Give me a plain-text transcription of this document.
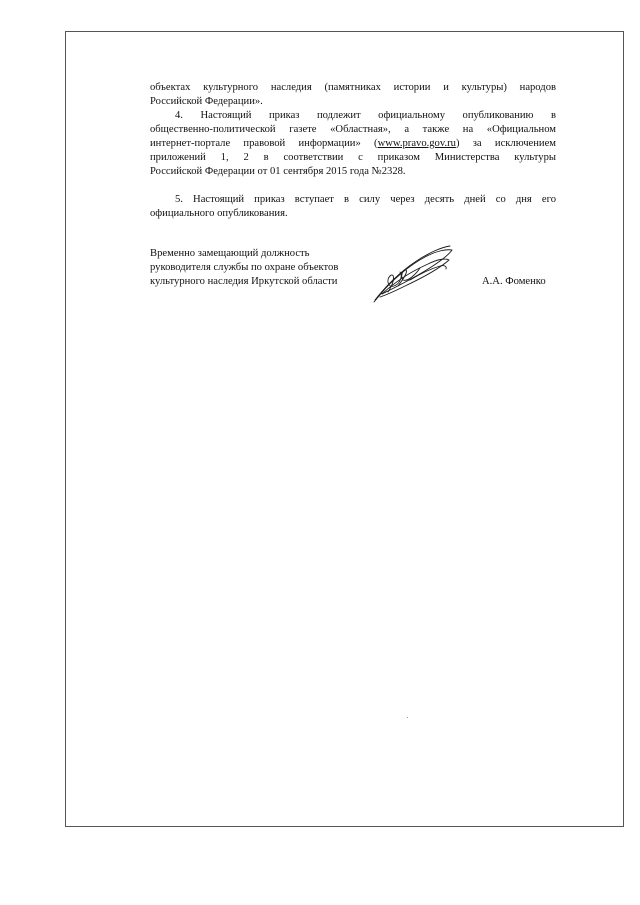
объектах культурного наследия (памятниках истории и культуры) народов
Российской Федерации».
4. Настоящий приказ подлежит официальному опубликованию в
общественно-политической газете «Областная», а также на «Официальном
интернет-портале правовой информации» (www.pravo.gov.ru) за исключением
приложений 1, 2 в соответствии с приказом Министерства культуры
Российской Федерации от 01 сентября 2015 года №2328.
5. Настоящий приказ вступает в силу через десять дней со дня его
официального опубликования.
Временно замещающий должность
руководителя службы по охране объектов
культурного наследия Иркутской области	А.А. Фоменко
